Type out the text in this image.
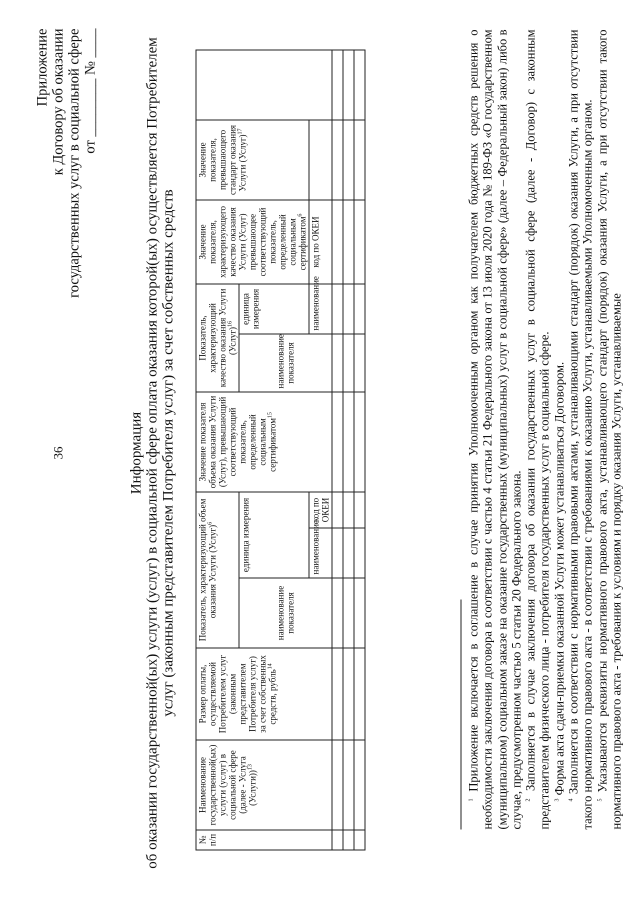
36
Приложение к Договору об оказании государственных услуг в социальной сфере от ________ № ____
Информация об оказании государственной(ых) услуги (услуг) в социальной сфере оплата оказания которой(ых) осуществляется Потребителем услуг (законным представителем Потребителя услуг) за счет собственных средств
№ п/п	Наименование государственной(ых) услуги (услуг) в социальной сфере (далее - Услуга (Услуги))$^{13}$	Размер оплаты, осуществляемой Потребителем услуг (законным представителем Потребителя услуг) за счет собственных средств, рубль$^{14}$	Показатель, характеризующий объем оказания Услуги (Услуг)$^6$			Значение показателя объема оказания Услуги (Услуг), превышающий соответствующий показатель, определенный социальным сертификатом$^{15}$	Показатель, характеризующий качество оказания Услуги (Услуг)$^{16}$		Значение показателя, характеризующего качество оказания Услуги (Услуг) превышающее соответствующий показатель, определенный социальным сертификатом$^6$	Значение показателя, превышающего стандарт оказания Услуги (Услуг)$^{17}$	
			наименование показателя	единица измерения			наименование показателя	единица измерения			
				наименование	код по ОКЕИ			наименование	код по ОКЕИ		

$^1$ Приложение включается в соглашение в случае принятия Уполномоченным органом как получателем бюджетных средств решения о необходимости заключения договора в соответствии с частью 4 статьи 21 Федерального закона от 13 июля 2020 года № 189-ФЗ «О государственном (муниципальном) социальном заказе на оказание государственных (муниципальных) услуг в социальной сфере» (далее – Федеральный закон) либо в случае, предусмотренном частью 5 статьи 20 Федерального закона. $^2$ Заполняется в случае заключения договора об оказании государственных услуг в социальной сфере (далее - Договор) с законным представителем физического лица - потребителя государственных услуг в социальной сфере. $^3$ Форма акта сдачи-приемки оказанной Услуги может устанавливаться Договором.

$^4$ Заполняется в соответствии с нормативными правовыми актами, устанавливающими стандарт (порядок) оказания Услуги, а при отсутствии такого нормативного правового акта - в соответствии с требованиями к оказанию Услуги, устанавливаемыми Уполномоченным органом. $^5$ Указываются реквизиты нормативного правового акта, устанавливающего стандарт (порядок) оказания Услуги, а при отсутствии такого нормативного правового акта - требования к условиям и порядку оказания Услуги, устанавливаемые
